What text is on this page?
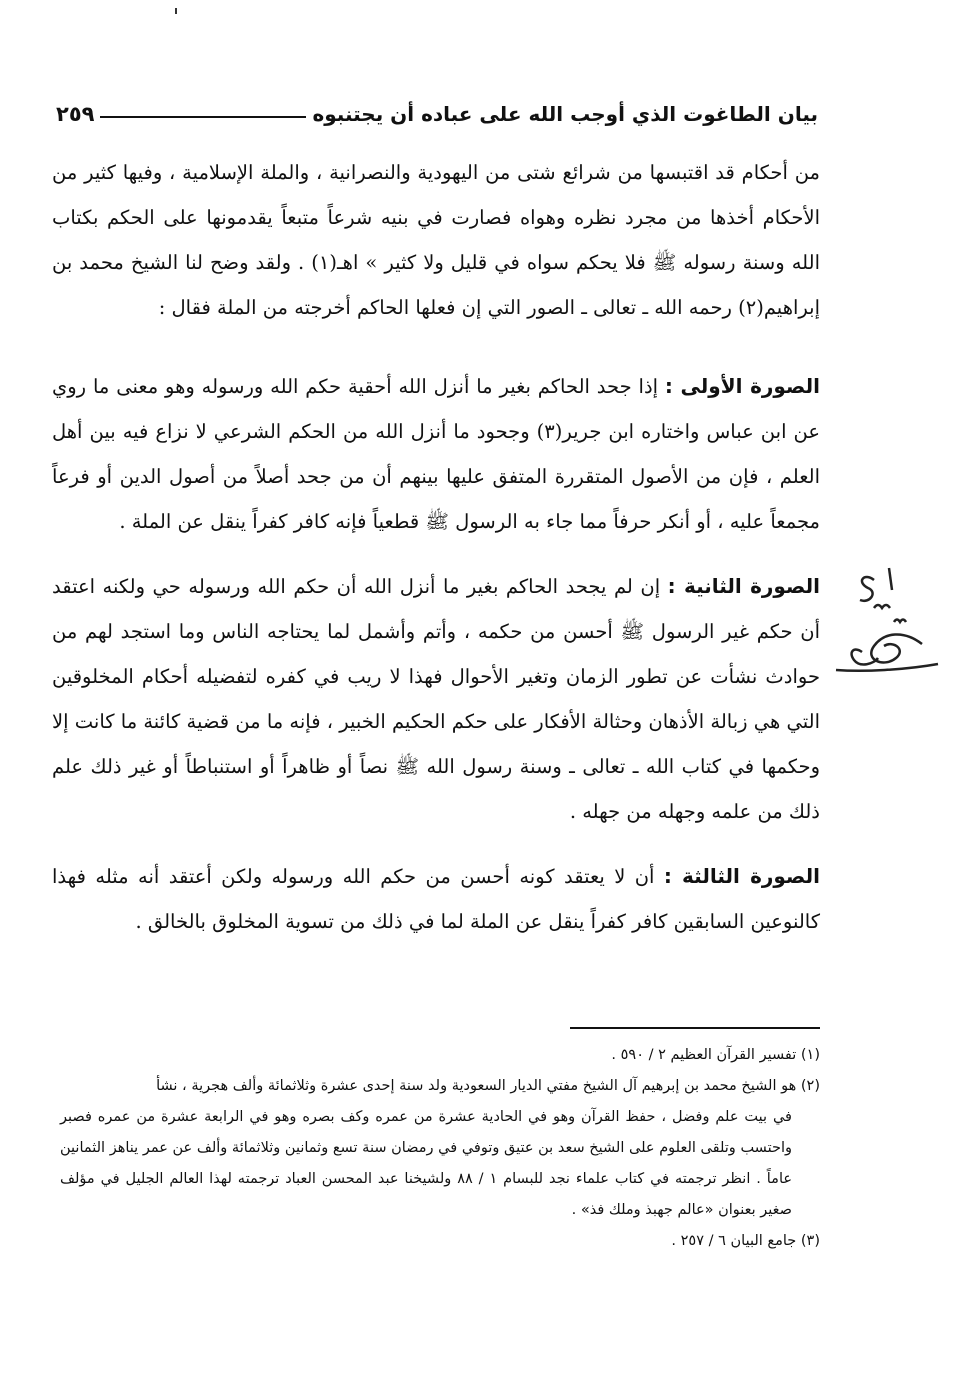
بيان الطاغوت الذي أوجب الله على عباده أن يجتنبوه
٢٥٩

من أحكام قد اقتبسها من شرائع شتى من اليهودية والنصرانية ، والملة الإسلامية ، وفيها كثير من الأحكام أخذها من مجرد نظره وهواه فصارت في بنيه شرعاً متبعاً يقدمونها على الحكم بكتاب الله وسنة رسوله ﷺ فلا يحكم سواه في قليل ولا كثير » اهـ(١) . ولقد وضح لنا الشيخ محمد بن إبراهيم(٢) رحمه الله ـ تعالى ـ الصور التي إن فعلها الحاكم أخرجته من الملة فقال :

الصورة الأولى : إذا جحد الحاكم بغير ما أنزل الله أحقية حكم الله ورسوله وهو معنى ما روي عن ابن عباس واختاره ابن جرير(٣) وجحود ما أنزل الله من الحكم الشرعي لا نزاع فيه بين أهل العلم ، فإن من الأصول المتقررة المتفق عليها بينهم أن من جحد أصلاً من أصول الدين أو فرعاً مجمعاً عليه ، أو أنكر حرفاً مما جاء به الرسول ﷺ قطعياً فإنه كافر كفراً ينقل عن الملة .

الصورة الثانية : إن لم يجحد الحاكم بغير ما أنزل الله أن حكم الله ورسوله حي ولكنه اعتقد أن حكم غير الرسول ﷺ أحسن من حكمه ، وأتم وأشمل لما يحتاجه الناس وما استجد لهم من حوادث نشأت عن تطور الزمان وتغير الأحوال فهذا لا ريب في كفره لتفضيله أحكام المخلوقين التي هي زبالة الأذهان وحثالة الأفكار على حكم الحكيم الخبير ، فإنه ما من قضية كائنة ما كانت إلا وحكمها في كتاب الله ـ تعالى ـ وسنة رسول الله ﷺ نصاً أو ظاهراً أو استنباطاً أو غير ذلك علم ذلك من علمه وجهله من جهله .

الصورة الثالثة : أن لا يعتقد كونه أحسن من حكم الله ورسوله ولكن أعتقد أنه مثله فهذا كالنوعين السابقين كافر كفراً ينقل عن الملة لما في ذلك من تسوية المخلوق بالخالق .

(١) تفسير القرآن العظيم ٢ / ٥٩٠ .

(٢) هو الشيخ محمد بن إبرهيم آل الشيخ مفتي الديار السعودية ولد سنة إحدى عشرة وثلاثمائة وألف هجرية ، نشأ

في بيت علم وفضل ، حفظ القرآن وهو في الحادية عشرة من عمره وكف بصره وهو في الرابعة عشرة من عمره فصبر واحتسب وتلقى العلوم على الشيخ سعد بن عتيق وتوفي في رمضان سنة تسع وثمانين وثلاثمائة وألف عن عمر يناهز الثمانين عاماً . انظر ترجمته في كتاب علماء نجد للبسام ١ / ٨٨ ولشيخنا عبد المحسن العباد ترجمته لهذا العالم الجليل في مؤلف صغير بعنوان «عالم جهبذ وملك فذ» .

(٣) جامع البيان ٦ / ٢٥٧ .
